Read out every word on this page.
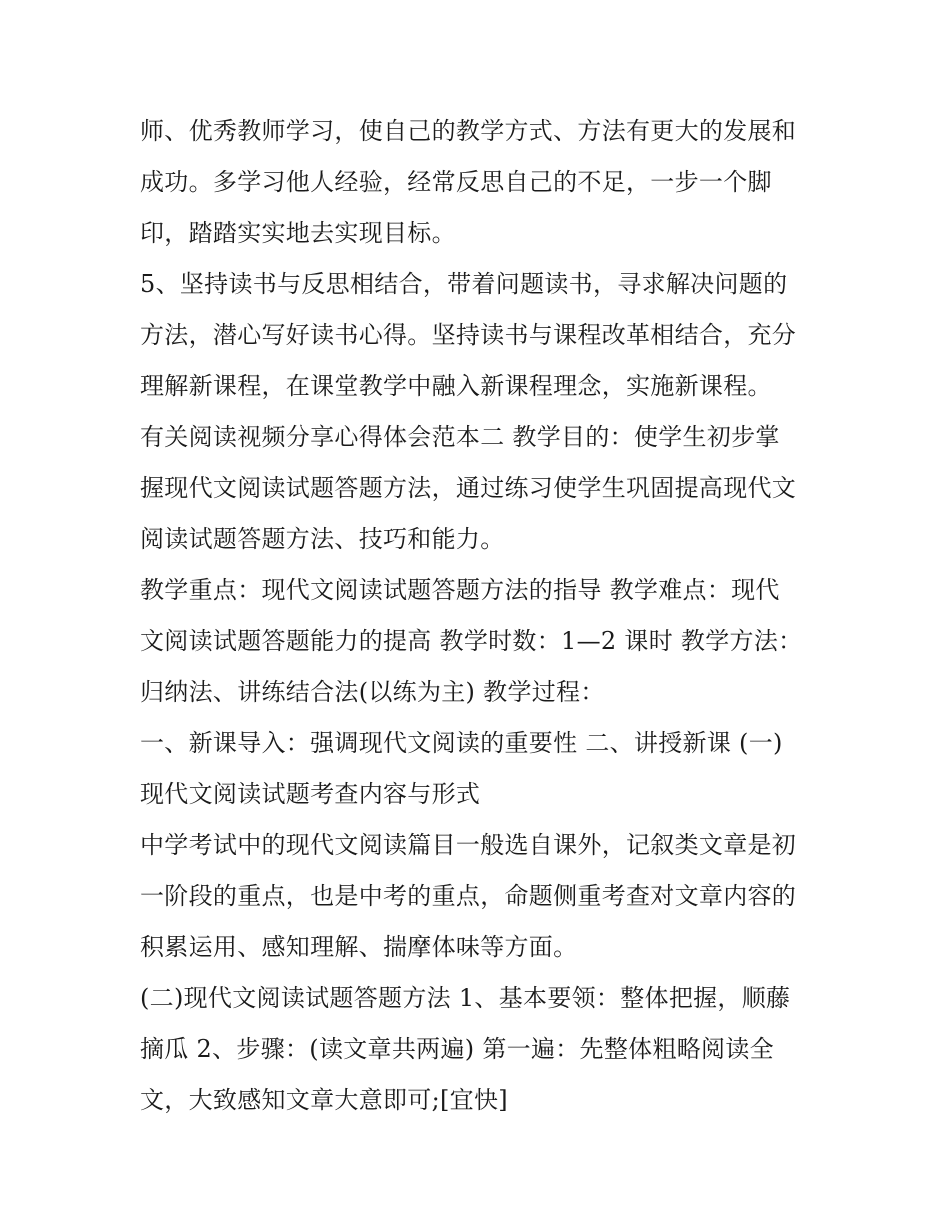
师、优秀教师学习，使自己的教学方式、方法有更大的发展和
成功。多学习他人经验，经常反思自己的不足，一步一个脚
印，踏踏实实地去实现目标。
5、坚持读书与反思相结合，带着问题读书，寻求解决问题的
方法，潜心写好读书心得。坚持读书与课程改革相结合，充分
理解新课程，在课堂教学中融入新课程理念，实施新课程。
有关阅读视频分享心得体会范本二 教学目的：使学生初步掌
握现代文阅读试题答题方法，通过练习使学生巩固提高现代文
阅读试题答题方法、技巧和能力。
教学重点：现代文阅读试题答题方法的指导 教学难点：现代
文阅读试题答题能力的提高 教学时数：1—2 课时 教学方法：
归纳法、讲练结合法(以练为主) 教学过程：
一、新课导入：强调现代文阅读的重要性 二、讲授新课 (一)
现代文阅读试题考查内容与形式
中学考试中的现代文阅读篇目一般选自课外，记叙类文章是初
一阶段的重点，也是中考的重点，命题侧重考查对文章内容的
积累运用、感知理解、揣摩体味等方面。
(二)现代文阅读试题答题方法 1、基本要领：整体把握，顺藤
摘瓜 2、步骤：(读文章共两遍) 第一遍：先整体粗略阅读全
文，大致感知文章大意即可;[宜快]
